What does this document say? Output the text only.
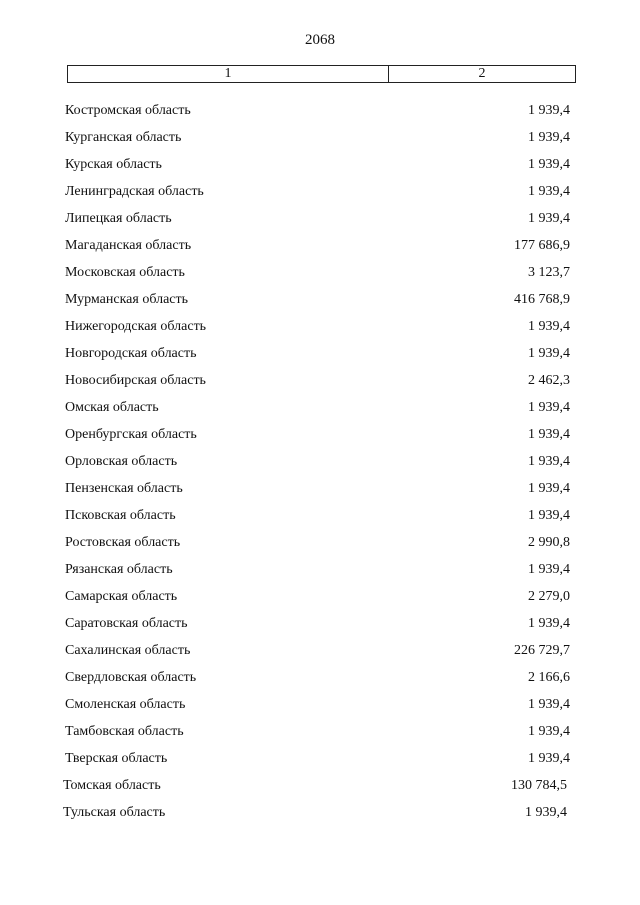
2068
1	2
Костромская область	1 939,4
Курганская область	1 939,4
Курская область	1 939,4
Ленинградская область	1 939,4
Липецкая область	1 939,4
Магаданская область	177 686,9
Московская область	3 123,7
Мурманская область	416 768,9
Нижегородская область	1 939,4
Новгородская область	1 939,4
Новосибирская область	2 462,3
Омская область	1 939,4
Оренбургская область	1 939,4
Орловская область	1 939,4
Пензенская область	1 939,4
Псковская область	1 939,4
Ростовская область	2 990,8
Рязанская область	1 939,4
Самарская область	2 279,0
Саратовская область	1 939,4
Сахалинская область	226 729,7
Свердловская область	2 166,6
Смоленская область	1 939,4
Тамбовская область	1 939,4
Тверская область	1 939,4
Томская область	130 784,5
Тульская область	1 939,4
